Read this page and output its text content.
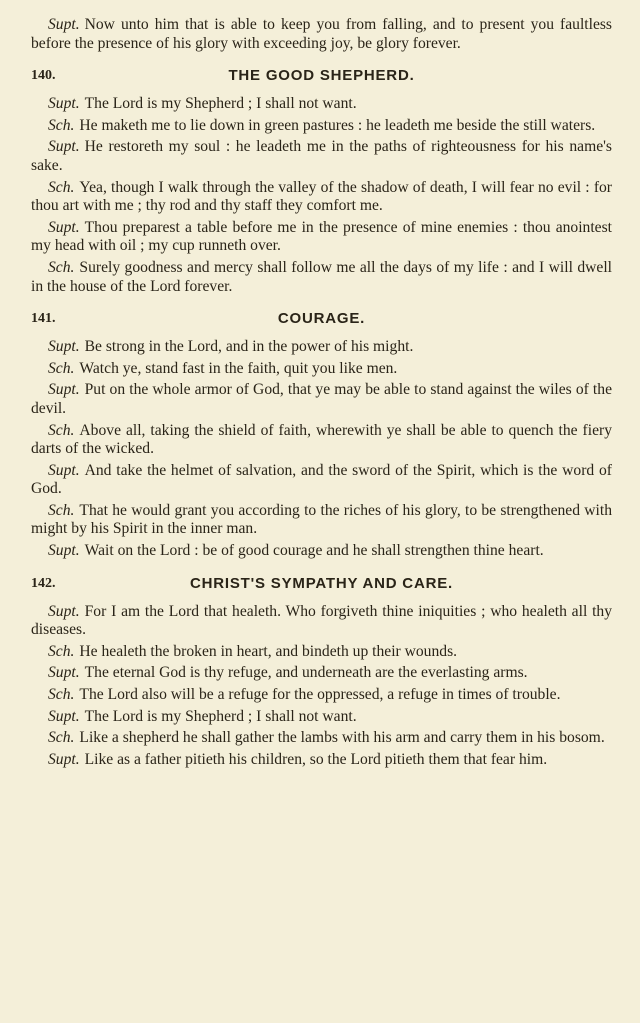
Supt. Now unto him that is able to keep you from falling, and to present you faultless before the presence of his glory with exceeding joy, be glory forever.

140.	THE GOOD SHEPHERD.

Supt. The Lord is my Shepherd ; I shall not want.

Sch. He maketh me to lie down in green pastures : he leadeth me beside the still waters.

Supt. He restoreth my soul : he leadeth me in the paths of righteousness for his name's sake.

Sch. Yea, though I walk through the valley of the shadow of death, I will fear no evil : for thou art with me ; thy rod and thy staff they comfort me.

Supt. Thou preparest a table before me in the presence of mine enemies : thou anointest my head with oil ; my cup runneth over.

Sch. Surely goodness and mercy shall follow me all the days of my life : and I will dwell in the house of the Lord forever.

141.	COURAGE.

Supt. Be strong in the Lord, and in the power of his might.

Sch. Watch ye, stand fast in the faith, quit you like men.

Supt. Put on the whole armor of God, that ye may be able to stand against the wiles of the devil.

Sch. Above all, taking the shield of faith, wherewith ye shall be able to quench the fiery darts of the wicked.

Supt. And take the helmet of salvation, and the sword of the Spirit, which is the word of God.

Sch. That he would grant you according to the riches of his glory, to be strengthened with might by his Spirit in the inner man.

Supt. Wait on the Lord : be of good courage and he shall strengthen thine heart.

142.	CHRIST'S SYMPATHY AND CARE.

Supt. For I am the Lord that healeth. Who forgiveth thine iniquities ; who healeth all thy diseases.

Sch. He healeth the broken in heart, and bindeth up their wounds.

Supt. The eternal God is thy refuge, and underneath are the everlasting arms.

Sch. The Lord also will be a refuge for the oppressed, a refuge in times of trouble.

Supt. The Lord is my Shepherd ; I shall not want.

Sch. Like a shepherd he shall gather the lambs with his arm and carry them in his bosom.

Supt. Like as a father pitieth his children, so the Lord pitieth them that fear him.
